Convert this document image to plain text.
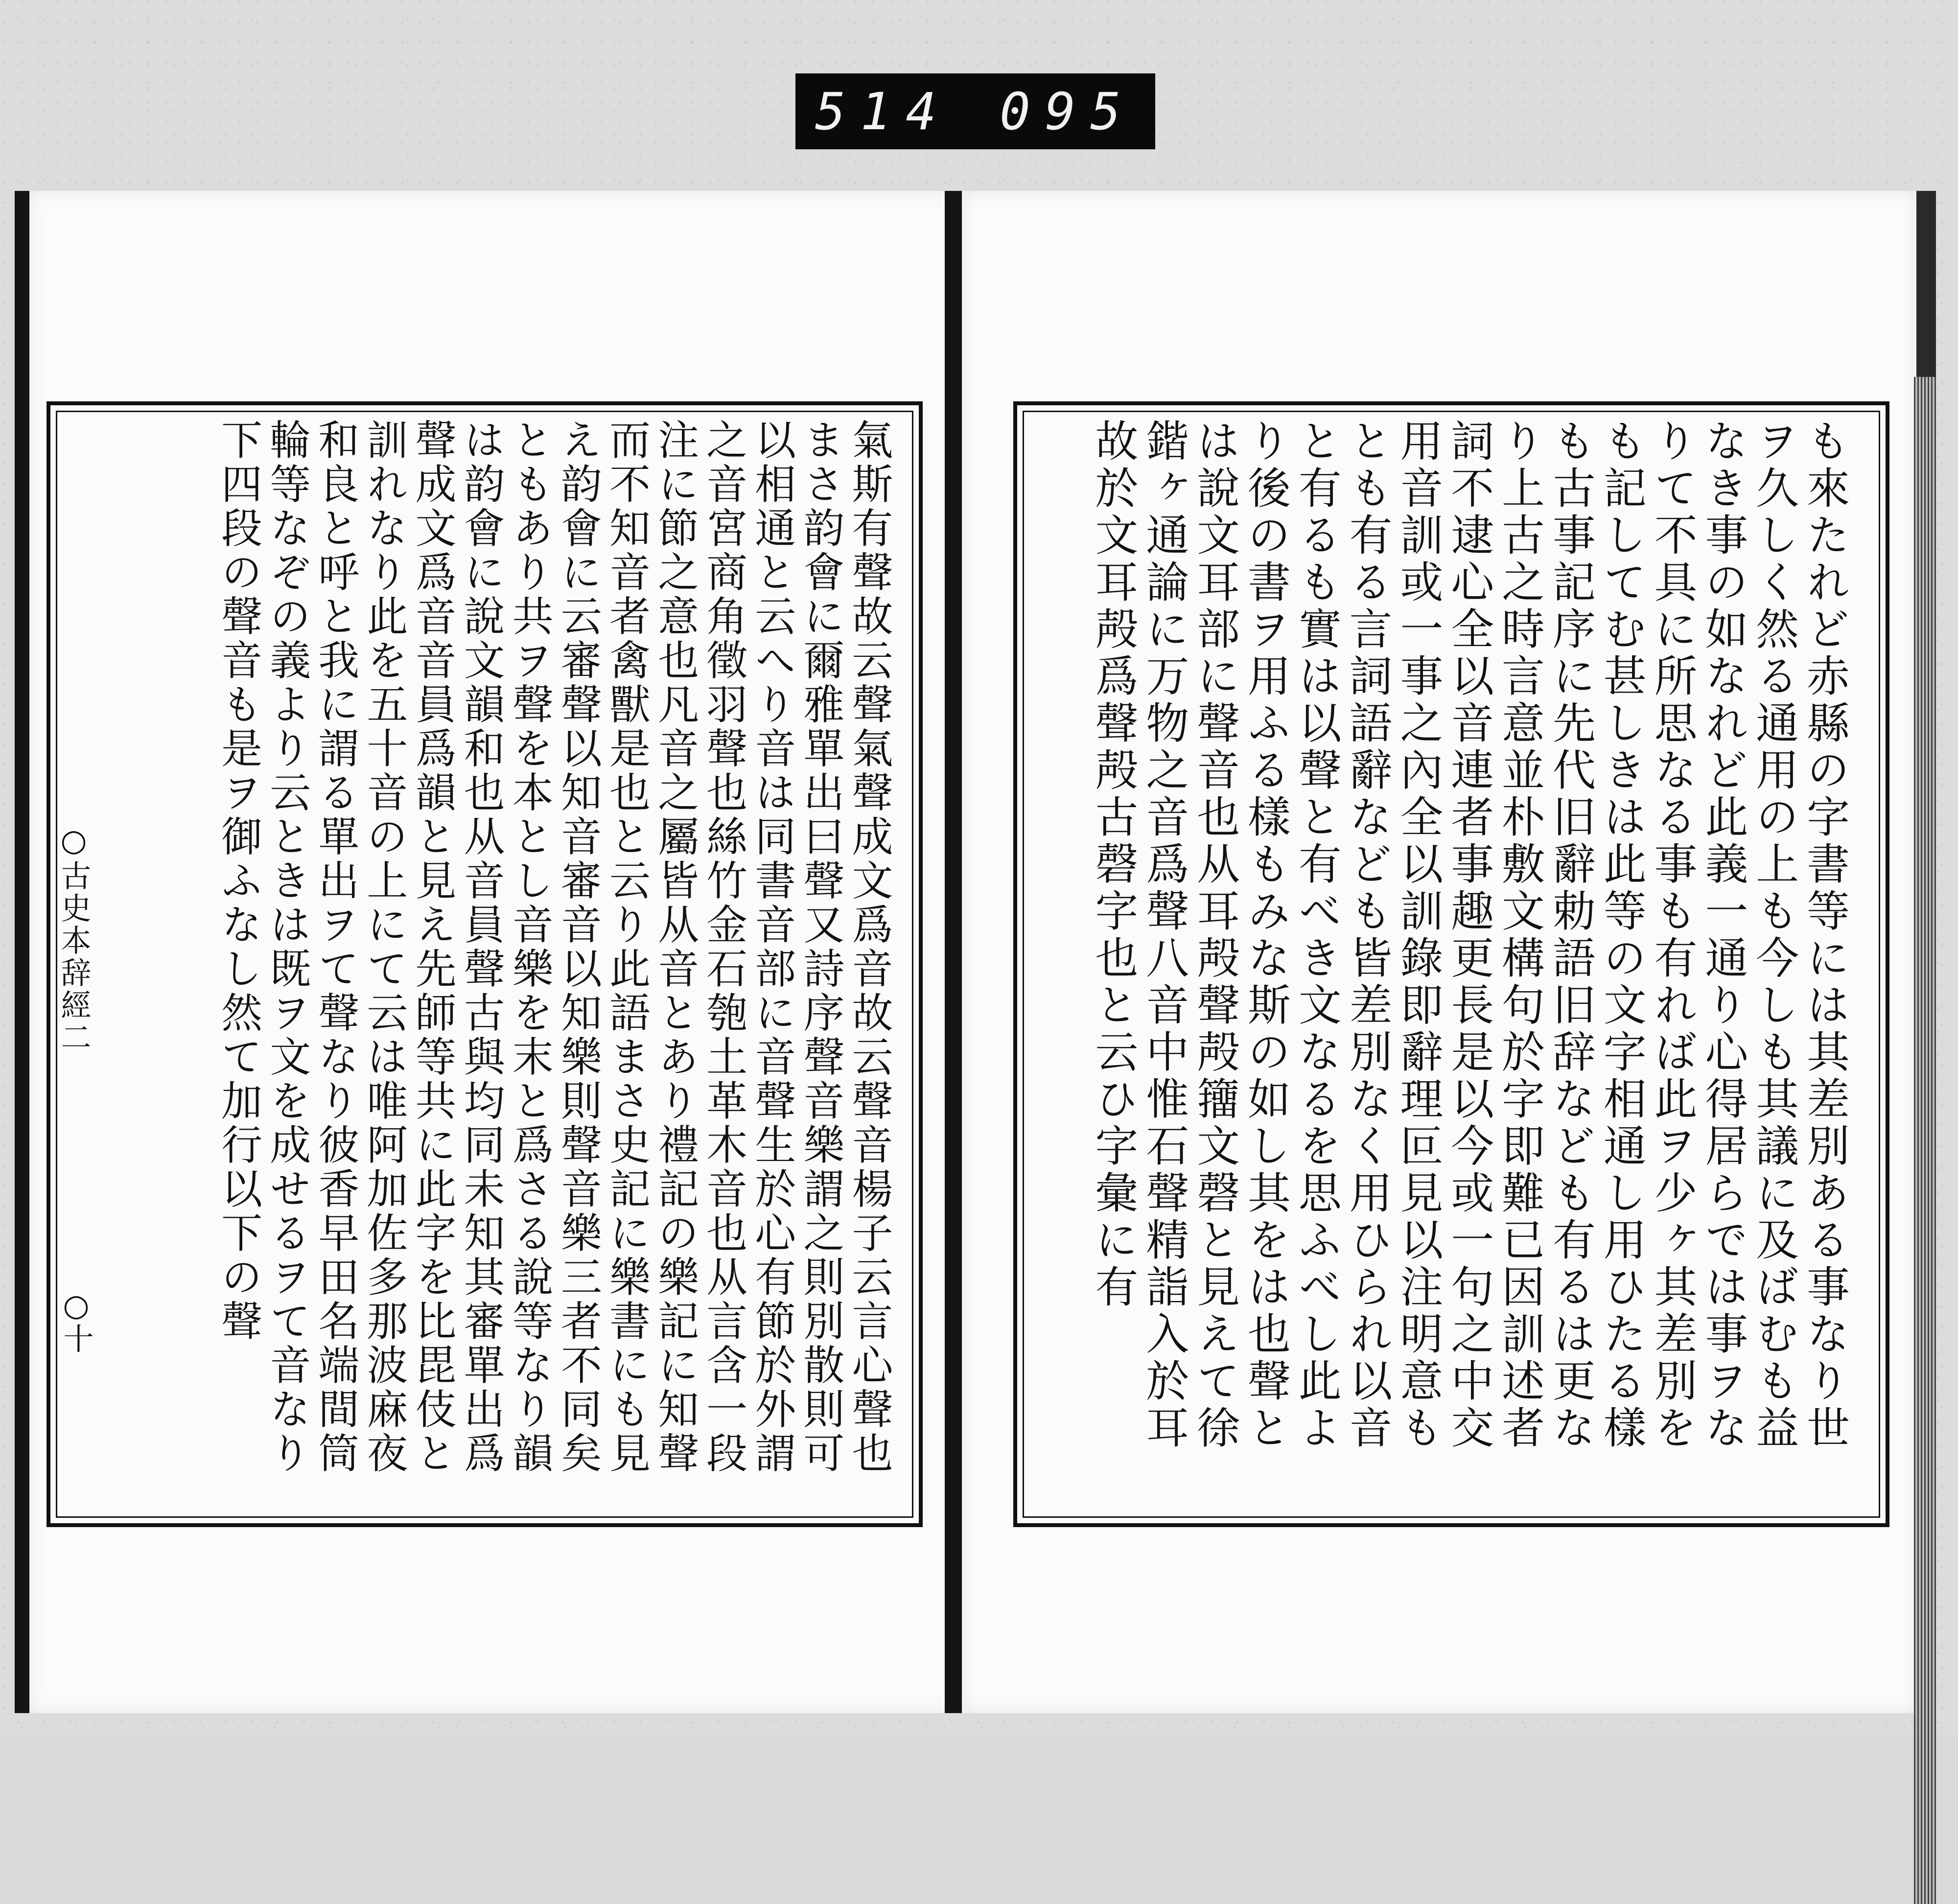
514 095
氣斯有聲故云聲氣聲成文爲音故云聲音楊子云言心聲也まさ韵會に爾雅單出曰聲又詩序聲音樂謂之則別散則可以相通と云へり音は同書音部に音聲生於心有節於外謂之音宮商角徵羽聲也絲竹金石匏土革木音也从言含一段注に節之意也凡音之屬皆从音とあり禮記の樂記に知聲而不知音者禽獸是也と云り此語まさ史記に樂書にも見え韵會に云審聲以知音審音以知樂則聲音樂三者不同矣ともあり共ヲ聲を本とし音樂を末と爲さる說等なり韻は韵會に說文韻和也从音員聲古與均同未知其審單出爲聲成文爲音音員爲韻と見え先師等共に此字を比毘伎と訓れなり此を五十音の上にて云は唯阿加佐多那波麻夜和良と呼と我に謂る單出ヲて聲なり彼香早田名端間筒輪等なぞの義より云ときは既ヲ文を成せるヲて音なり下四段の聲音も是ヲ御ふなし然て加行以下の聲
○古史本辞經二
○十	も來たれど赤縣の字書等には其差別ある事なり世ヲ久しく然る通用の上も今しも其議に及ばむも益なき事の如なれど此義一通り心得居らでは事ヲなりて不具に所思なる事も有れば此ヲ少ヶ其差別をも記してむ甚しきは此等の文字相通し用ひたる樣も古事記序に先代旧辭勅語旧辞なども有るは更なり上古之時言意並朴敷文構句於字即難已因訓述者詞不逮心全以音連者事趣更長是以今或一句之中交用音訓或一事之內全以訓錄即辭理叵見以注明意もとも有る言詞語辭なども皆差別なく用ひられ以音と有るも實は以聲と有べき文なるを思ふべし此より後の書ヲ用ふる樣もみな斯の如し其をは也聲とは說文耳部に聲音也从耳殸聲殸籒文磬と見えて徐鍇ヶ通論に万物之音爲聲八音中惟石聲精詣入於耳故於文耳殸爲聲殸古磬字也と云ひ字彙に有
